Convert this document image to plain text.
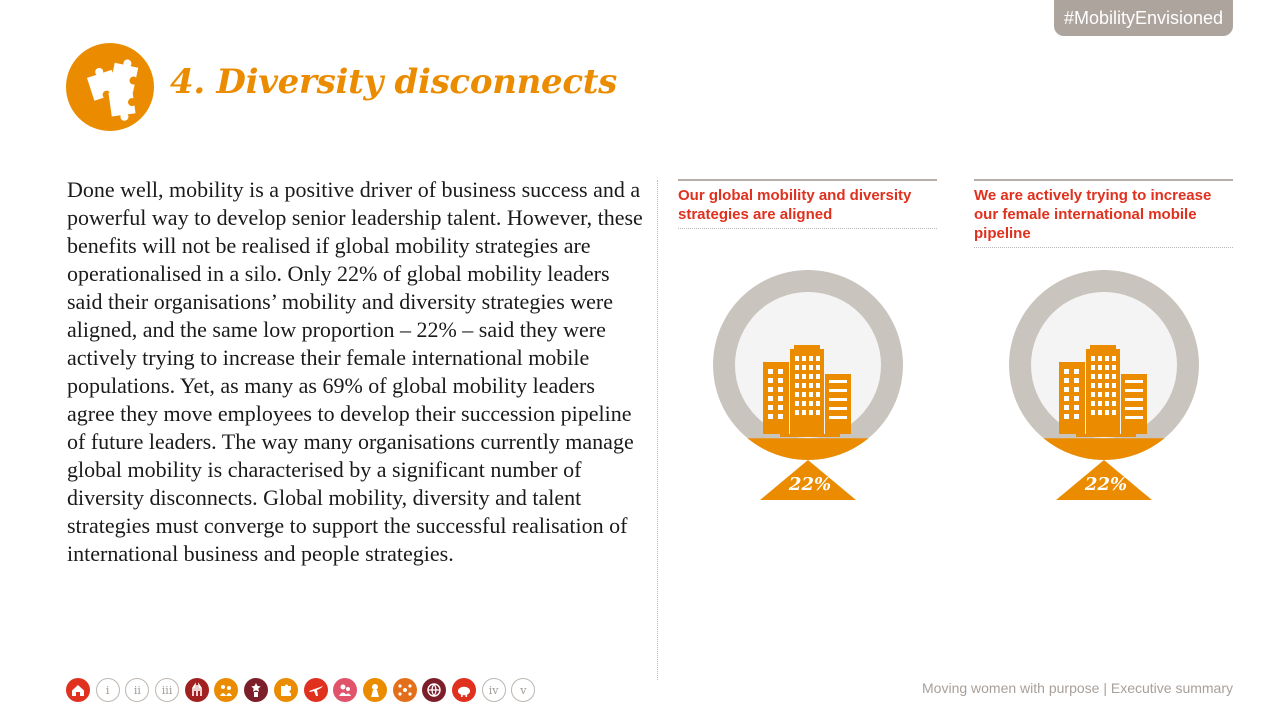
#MobilityEnvisioned
4. Diversity disconnects
Done well, mobility is a positive driver of business success and a powerful way to develop senior leadership talent. However, these benefits will not be realised if global mobility strategies are operationalised in a silo. Only 22% of global mobility leaders said their organisations’ mobility and diversity strategies were aligned, and the same low proportion – 22% – said they were actively trying to increase their female international mobile populations. Yet, as many as 69% of global mobility leaders agree they move employees to develop their succession pipeline of future leaders. The way many organisations currently manage global mobility is characterised by a significant number of diversity disconnects. Global mobility, diversity and talent strategies must converge to support the successful realisation of international business and people strategies.
Our global mobility and diversity strategies are aligned
We are actively trying to increase our female international mobile pipeline
22%	22%
i	ii	iii	iv	v	Moving women with purpose | Executive summary
